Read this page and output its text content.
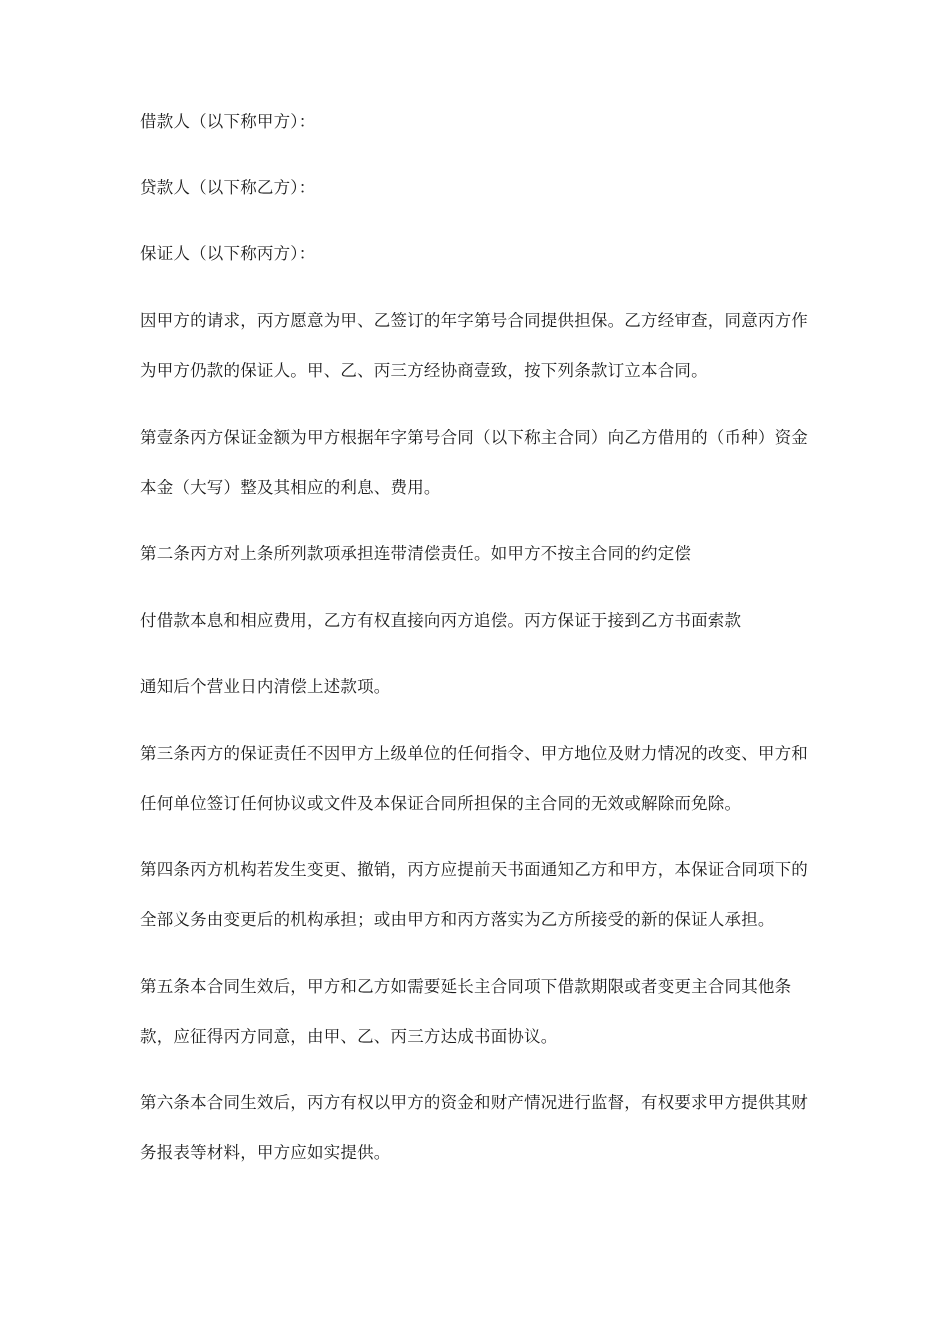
借款人（以下称甲方）：
贷款人（以下称乙方）：
保证人（以下称丙方）：
因甲方的请求，丙方愿意为甲、乙签订的年字第号合同提供担保。乙方经审查，同意丙方作
为甲方仍款的保证人。甲、乙、丙三方经协商壹致，按下列条款订立本合同。
第壹条丙方保证金额为甲方根据年字第号合同（以下称主合同）向乙方借用的（币种）资金
本金（大写）整及其相应的利息、费用。
第二条丙方对上条所列款项承担连带清偿责任。如甲方不按主合同的约定偿
付借款本息和相应费用，乙方有权直接向丙方追偿。丙方保证于接到乙方书面索款
通知后个营业日内清偿上述款项。
第三条丙方的保证责任不因甲方上级单位的任何指令、甲方地位及财力情况的改变、甲方和
任何单位签订任何协议或文件及本保证合同所担保的主合同的无效或解除而免除。
第四条丙方机构若发生变更、撤销，丙方应提前天书面通知乙方和甲方，本保证合同项下的
全部义务由变更后的机构承担；或由甲方和丙方落实为乙方所接受的新的保证人承担。
第五条本合同生效后，甲方和乙方如需要延长主合同项下借款期限或者变更主合同其他条
款，应征得丙方同意，由甲、乙、丙三方达成书面协议。
第六条本合同生效后，丙方有权以甲方的资金和财产情况进行监督，有权要求甲方提供其财
务报表等材料，甲方应如实提供。
